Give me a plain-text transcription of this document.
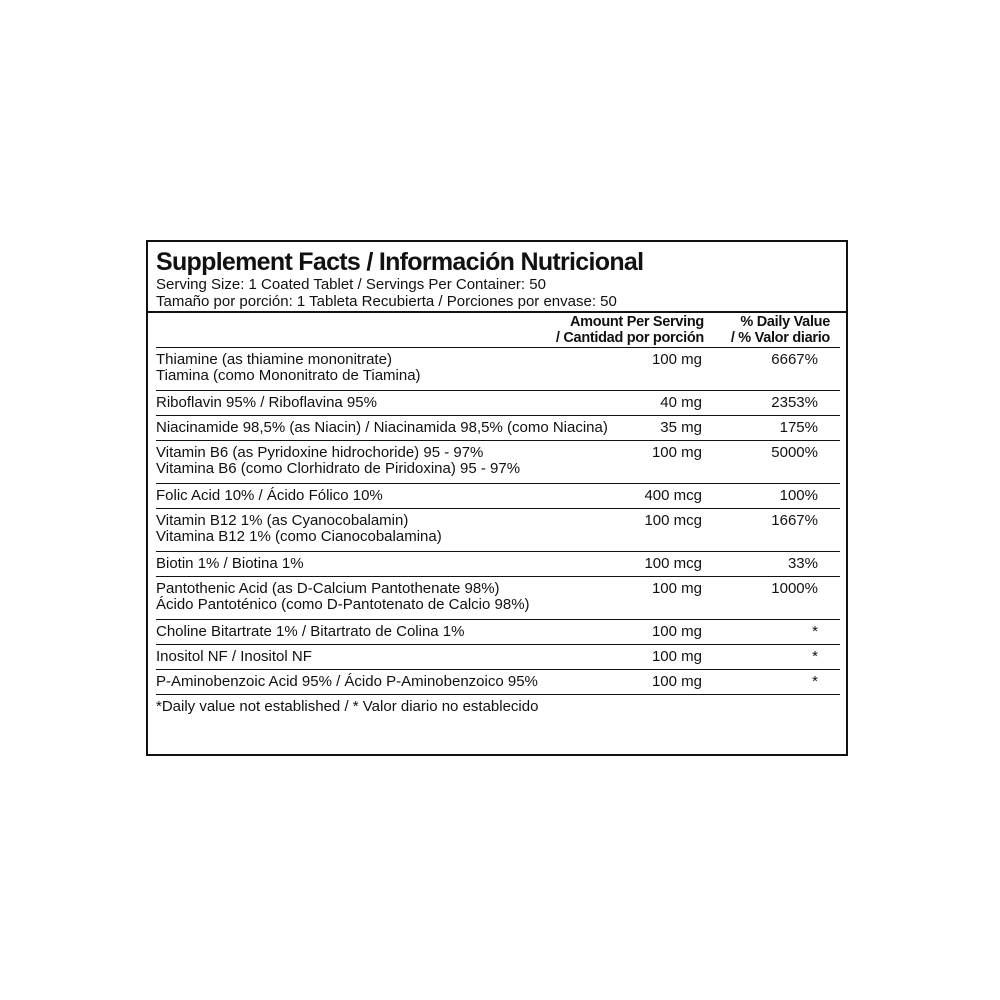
Supplement Facts / Información Nutricional
Serving Size: 1 Coated Tablet / Servings Per Container: 50
Tamaño por porción: 1 Tableta Recubierta / Porciones por envase: 50
Amount Per Serving
/ Cantidad por porción
% Daily Value
/ % Valor diario
Thiamine (as thiamine mononitrate)
Tiamina (como Mononitrato de Tiamina)
100 mg	6667%
Riboflavin 95% / Riboflavina 95%	40 mg	2353%
Niacinamide 98,5% (as Niacin) / Niacinamida 98,5% (como Niacina)	35 mg	175%
Vitamin B6 (as Pyridoxine hidrochoride) 95 - 97%
Vitamina B6 (como Clorhidrato de Piridoxina) 95 - 97%
100 mg	5000%
Folic Acid 10% / Ácido Fólico 10%	400 mcg	100%
Vitamin B12 1% (as Cyanocobalamin)
Vitamina B12 1% (como Cianocobalamina)
100 mcg	1667%
Biotin 1% / Biotina 1%	100 mcg	33%
Pantothenic Acid (as D-Calcium Pantothenate 98%)
Ácido Pantoténico (como D-Pantotenato de Calcio 98%)
100 mg	1000%
Choline Bitartrate 1% / Bitartrato de Colina 1%	100 mg	*
Inositol NF / Inositol NF	100 mg	*
P-Aminobenzoic Acid 95% / Ácido P-Aminobenzoico 95%	100 mg	*
*Daily value not established / * Valor diario no establecido
